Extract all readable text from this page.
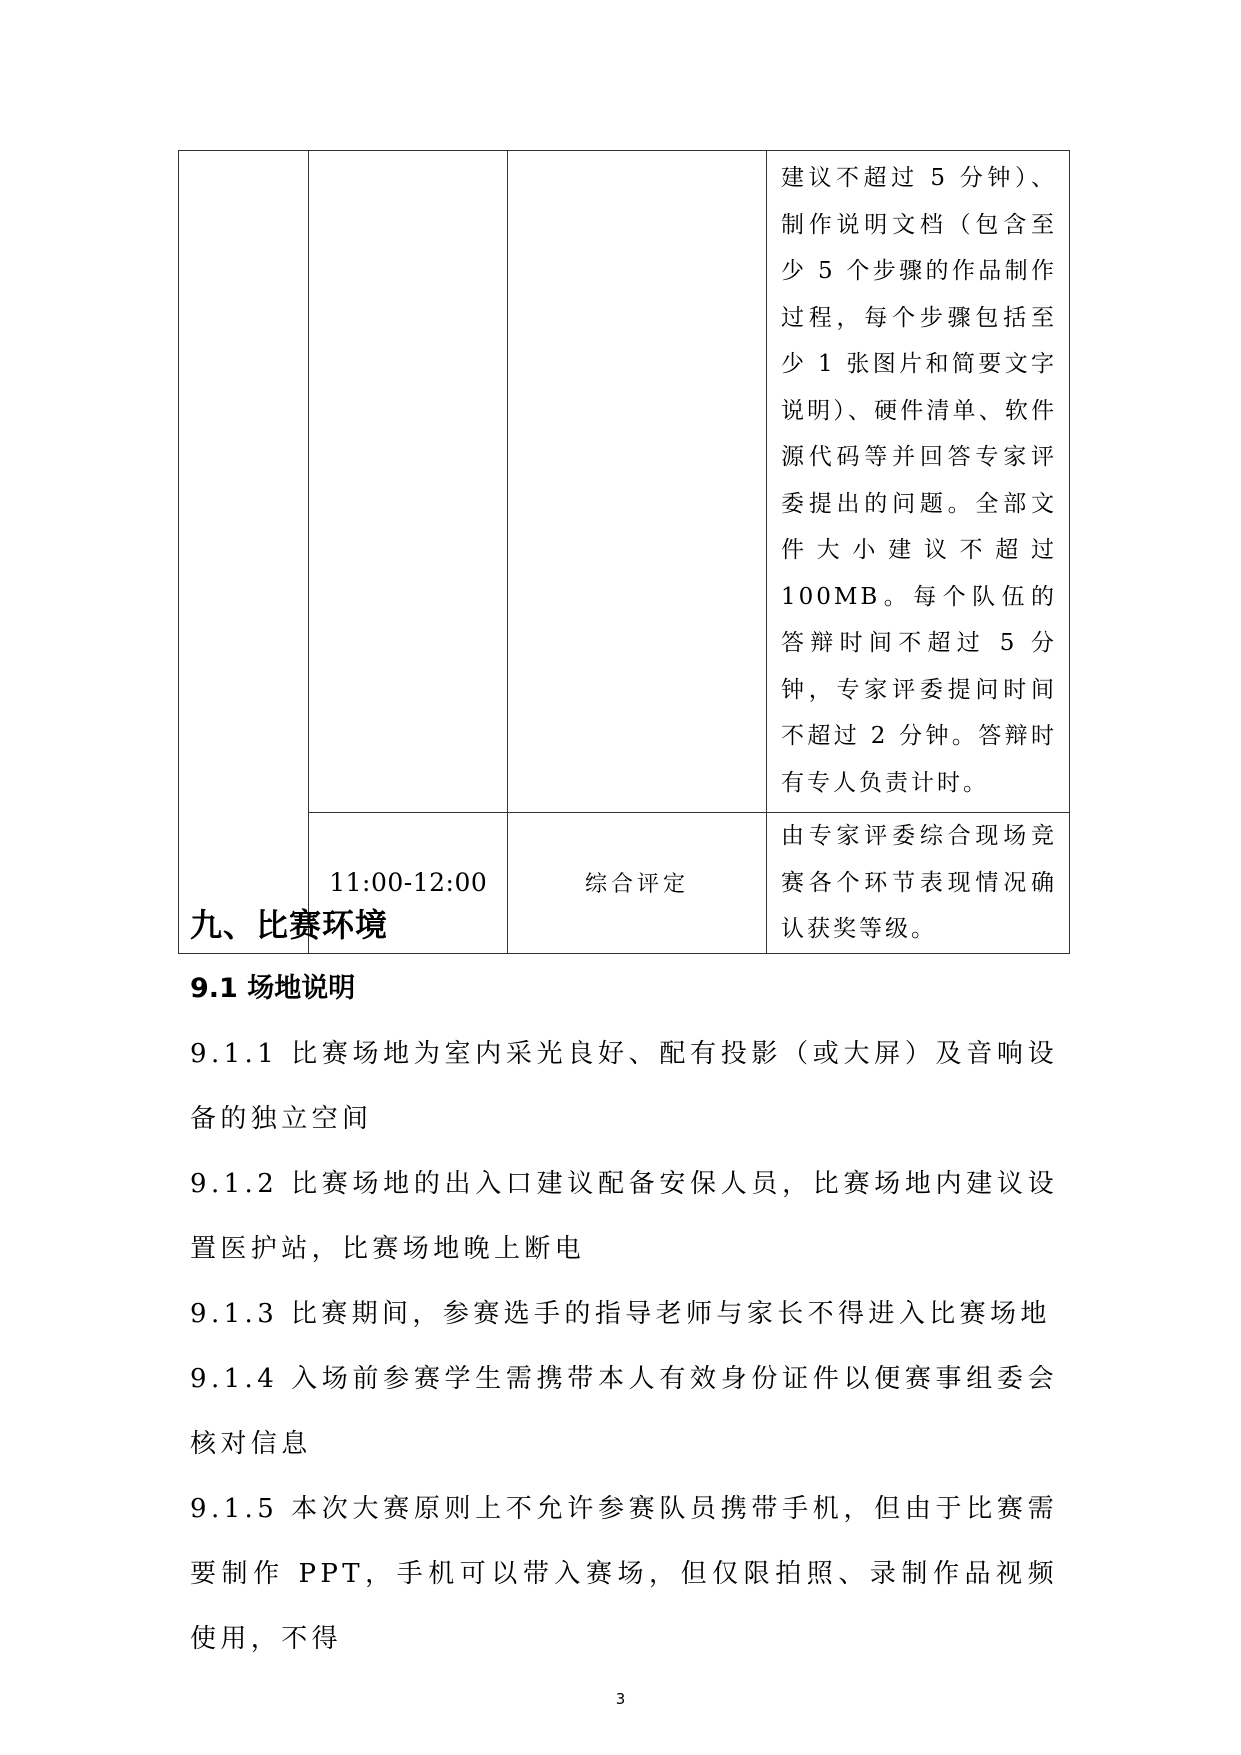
			建议不超过 5 分钟）、制作说明文档（包含至少 5 个步骤的作品制作过程，每个步骤包括至少 1 张图片和简要文字说明）、硬件清单、软件源代码等并回答专家评委提出的问题。全部文件大小建议不超过 100MB。每个队伍的答辩时间不超过 5 分钟，专家评委提问时间不超过 2 分钟。答辩时有专人负责计时。

	11:00-12:00	综合评定	由专家评委综合现场竞赛各个环节表现情况确认获奖等级。
九、比赛环境
9.1 场地说明

9.1.1 比赛场地为室内采光良好、配有投影（或大屏）及音响设备的独立空间

9.1.2 比赛场地的出入口建议配备安保人员，比赛场地内建议设置医护站，比赛场地晚上断电

9.1.3 比赛期间，参赛选手的指导老师与家长不得进入比赛场地

9.1.4 入场前参赛学生需携带本人有效身份证件以便赛事组委会核对信息

9.1.5 本次大赛原则上不允许参赛队员携带手机，但由于比赛需要制作 PPT，手机可以带入赛场，但仅限拍照、录制作品视频使用，不得

3
